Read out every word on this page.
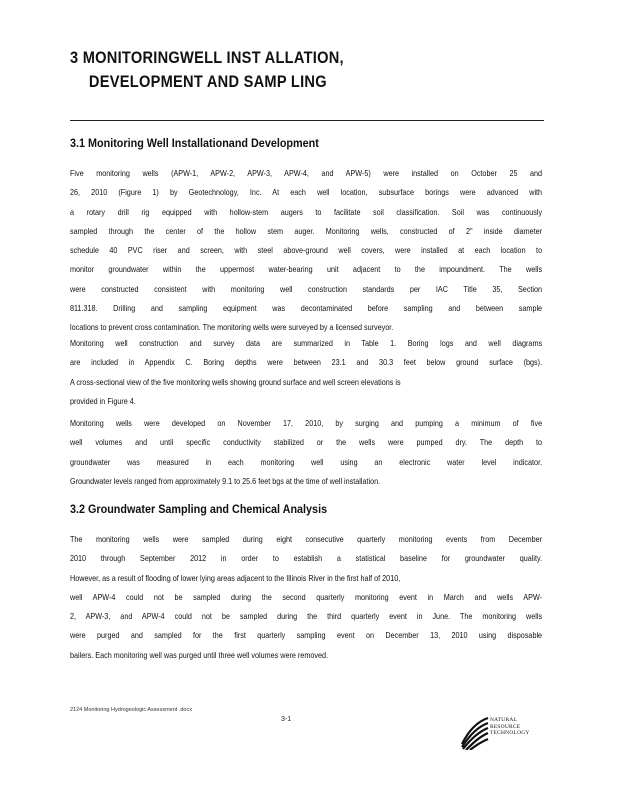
3 MONITORINGWELL INST ALLATION,
DEVELOPMENT AND SAMP LING
3.1 Monitoring Well Installationand Development
Five monitoring wells (APW-1, APW-2, APW-3, APW-4, and APW-5) were installed on October 25 and
26, 2010 (Figure 1) by Geotechnology, Inc. At each well location, subsurface borings were advanced with
a rotary drill rig equipped with hollow-stem augers to facilitate soil classification. Soil was continuously
sampled through the center of the hollow stem auger. Monitoring wells, constructed of 2" inside diameter
schedule 40 PVC riser and screen, with steel above-ground well covers, were installed at each location to
monitor groundwater within the uppermost water-bearing unit adjacent to the impoundment. The wells
were constructed consistent with monitoring well construction standards per IAC Title 35, Section
811.318. Drilling and sampling equipment was decontaminated before sampling and between sample
locations to prevent cross contamination. The monitoring wells were surveyed by a licensed surveyor.
Monitoring well construction and survey data are summarized in Table 1. Boring logs and well diagrams
are included in Appendix C. Boring depths were between 23.1 and 30.3 feet below ground surface (bgs).
A cross-sectional view of the five monitoring wells showing ground surface and well screen elevations is
provided in Figure 4.
Monitoring wells were developed on November 17, 2010, by surging and pumping a minimum of five
well volumes and until specific conductivity stabilized or the wells were pumped dry. The depth to
groundwater was measured in each monitoring well using an electronic water level indicator.
Groundwater levels ranged from approximately 9.1 to 25.6 feet bgs at the time of well installation.
3.2 Groundwater Sampling and Chemical Analysis
The monitoring wells were sampled during eight consecutive quarterly monitoring events from December
2010 through September 2012 in order to establish a statistical baseline for groundwater quality.
However, as a result of flooding of lower lying areas adjacent to the Illinois River in the first half of 2010,
well APW-4 could not be sampled during the second quarterly monitoring event in March and wells APW-
2, APW-3, and APW-4 could not be sampled during the third quarterly event in June. The monitoring wells
were purged and sampled for the first quarterly sampling event on December 13, 2010 using disposable
bailers. Each monitoring well was purged until three well volumes were removed.
2124 Monitoring Hydrogeologic Assessment .docx
3-1	NATURAL
RESOURCE
TECHNOLOGY
